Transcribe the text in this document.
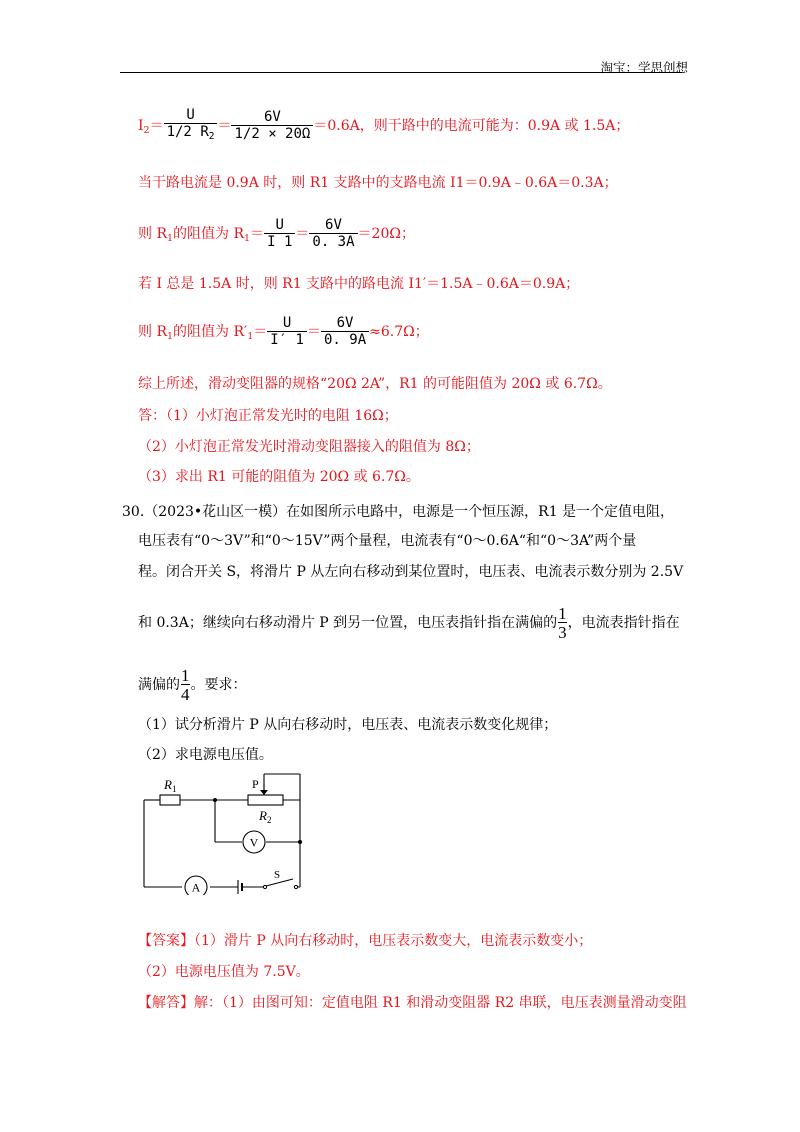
淘宝：学思创想
$I_2= \frac{U}{1/2 R_2} = \frac{6V}{1/2 \times 20\Omega} =0.6A$，则干路中的电流可能为：0.9A 或 1.5A；
当干路电流是 0.9A 时，则 R1 支路中的支路电流 I1＝0.9A﹣0.6A＝0.3A；
则 $R_1$的阻值为 $R_1= \frac{U}{I 1} = \frac{6V}{0. 3A} =20\Omega$；
若 I 总是 1.5A 时，则 R1 支路中的路电流 I1′＝1.5A﹣0.6A＝0.9A；
则 $R_1$的阻值为 $R'_1= \frac{U}{I' 1} = \frac{6V}{0. 9A} \approx 6.7\Omega$；
综上所述，滑动变阻器的规格“20Ω 2A”，R1 的可能阻值为 20Ω 或 6.7Ω。
答：（1）小灯泡正常发光时的电阻 16Ω；
（2）小灯泡正常发光时滑动变阻器接入的阻值为 8Ω；
（3）求出 R1 可能的阻值为 20Ω 或 6.7Ω。
30.（2023•花山区一模）在如图所示电路中，电源是一个恒压源，R1 是一个定值电阻，
电压表有“0～3V”和“0～15V”两个量程，电流表有“0～0.6A“和“0～3A”两个量
程。闭合开关 S，将滑片 P 从左向右移动到某位置时，电压表、电流表示数分别为 2.5V
和 0.3A；继续向右移动滑片 P 到另一位置，电压表指针指在满偏的 $\frac{1}{3}$ ，电流表指针指在
满偏的 $\frac{1}{4}$ 。要求：
（1）试分析滑片 P 从向右移动时，电压表、电流表示数变化规律；
（2）求电源电压值。
V
A
$R_1$	P
$R_2$
S
【答案】（1）滑片 P 从向右移动时，电压表示数变大，电流表示数变小；
（2）电源电压值为 7.5V。
【解答】解：（1）由图可知：定值电阻 R1 和滑动变阻器 R2 串联，电压表测量滑动变阻
